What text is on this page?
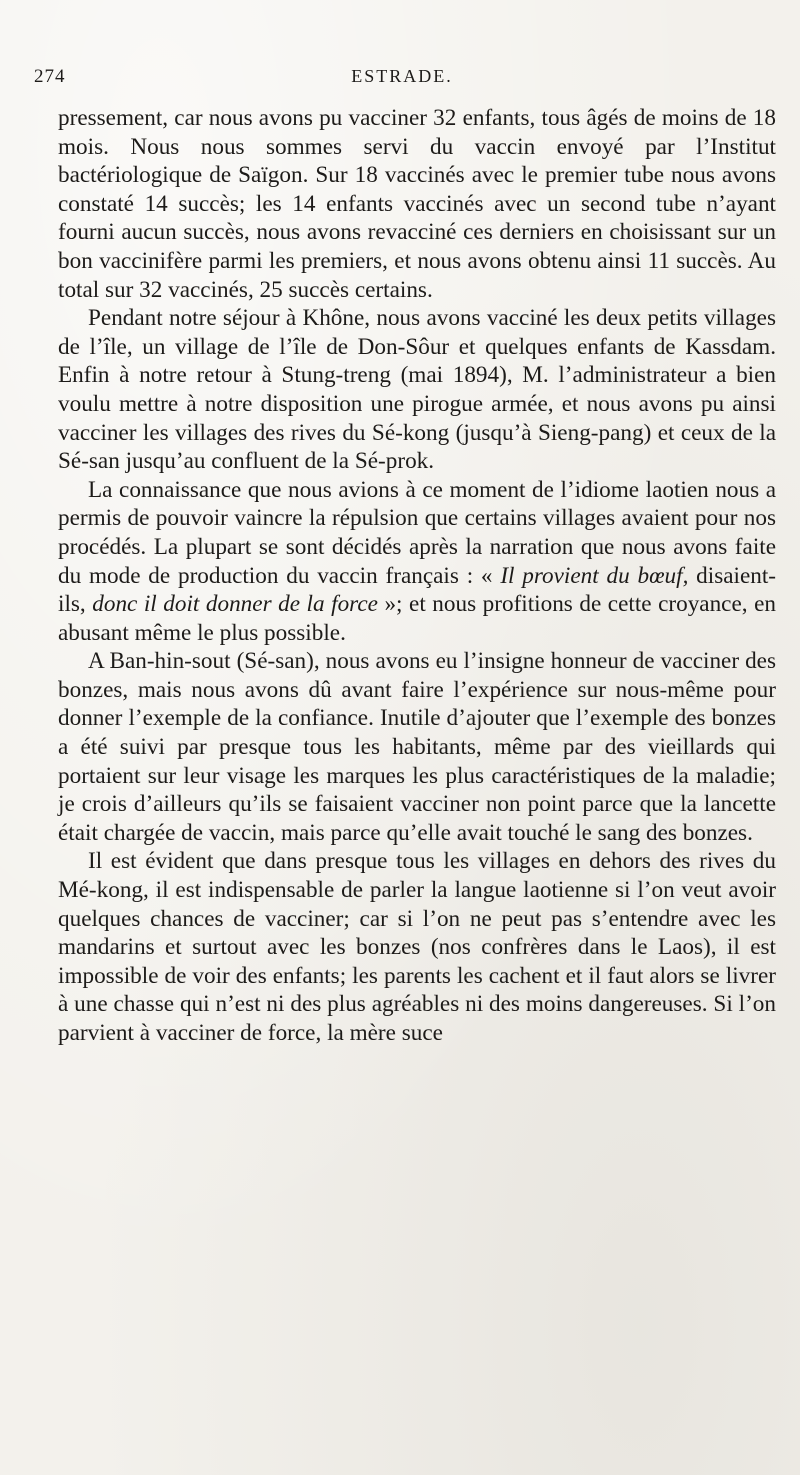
274	ESTRADE.

pressement, car nous avons pu vacciner 32 enfants, tous âgés de moins de 18 mois. Nous nous sommes servi du vaccin envoyé par l’Institut bactériologique de Saïgon. Sur 18 vaccinés avec le premier tube nous avons constaté 14 succès; les 14 enfants vaccinés avec un second tube n’ayant fourni aucun succès, nous avons revacciné ces derniers en choisissant sur un bon vaccinifère parmi les premiers, et nous avons obtenu ainsi 11 succès. Au total sur 32 vaccinés, 25 succès certains.

Pendant notre séjour à Khône, nous avons vacciné les deux petits villages de l’île, un village de l’île de Don-Sôur et quelques enfants de Kassdam. Enfin à notre retour à Stung-treng (mai 1894), M. l’administrateur a bien voulu mettre à notre disposition une pirogue armée, et nous avons pu ainsi vacciner les villages des rives du Sé-kong (jusqu’à Sieng-pang) et ceux de la Sé-san jusqu’au confluent de la Sé-prok.

La connaissance que nous avions à ce moment de l’idiome laotien nous a permis de pouvoir vaincre la répulsion que certains villages avaient pour nos procédés. La plupart se sont décidés après la narration que nous avons faite du mode de production du vaccin français : « Il provient du bœuf, disaient-ils, donc il doit donner de la force »; et nous profitions de cette croyance, en abusant même le plus possible.

A Ban-hin-sout (Sé-san), nous avons eu l’insigne honneur de vacciner des bonzes, mais nous avons dû avant faire l’expérience sur nous-même pour donner l’exemple de la confiance. Inutile d’ajouter que l’exemple des bonzes a été suivi par presque tous les habitants, même par des vieillards qui portaient sur leur visage les marques les plus caractéristiques de la maladie; je crois d’ailleurs qu’ils se faisaient vacciner non point parce que la lancette était chargée de vaccin, mais parce qu’elle avait touché le sang des bonzes.

Il est évident que dans presque tous les villages en dehors des rives du Mé-kong, il est indispensable de parler la langue laotienne si l’on veut avoir quelques chances de vacciner; car si l’on ne peut pas s’entendre avec les mandarins et surtout avec les bonzes (nos confrères dans le Laos), il est impossible de voir des enfants; les parents les cachent et il faut alors se livrer à une chasse qui n’est ni des plus agréables ni des moins dangereuses. Si l’on parvient à vacciner de force, la mère suce
